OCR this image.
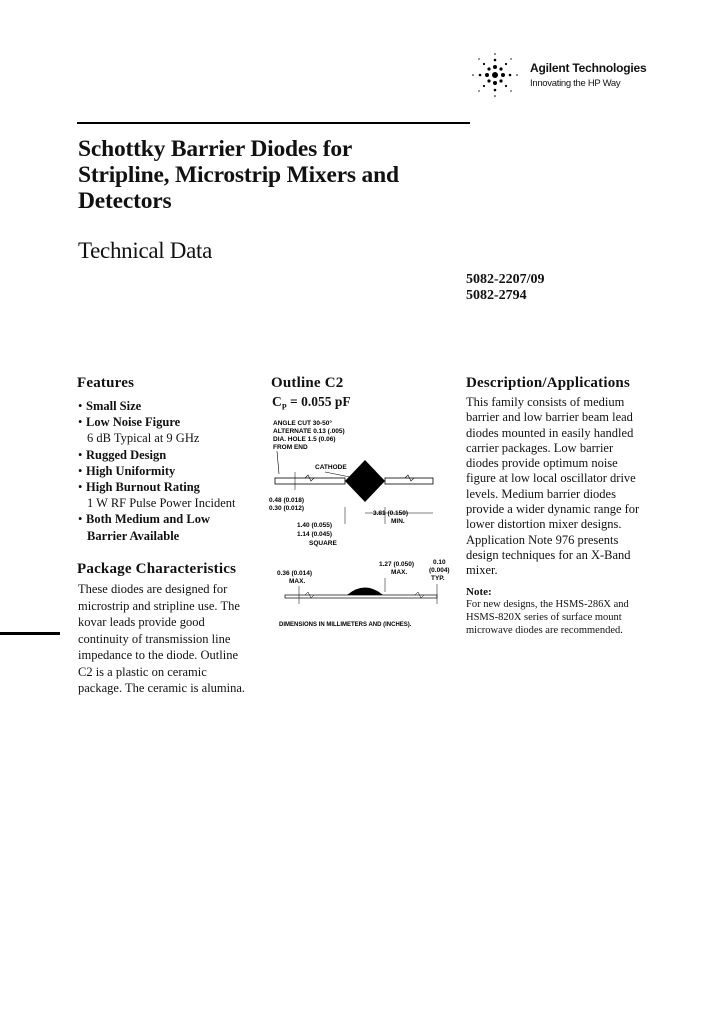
Agilent Technologies
Innovating the HP Way
Schottky Barrier Diodes for
Stripline, Microstrip Mixers and
Detectors
Technical Data
5082-2207/09
5082-2794
Features
• Small Size
• Low Noise Figure
6 dB Typical at 9 GHz
• Rugged Design
• High Uniformity
• High Burnout Rating
1 W RF Pulse Power Incident
• Both Medium and Low
Barrier Available
Package Characteristics
These diodes are designed for
microstrip and stripline use. The
kovar leads provide good
continuity of transmission line
impedance to the diode. Outline
C2 is a plastic on ceramic
package. The ceramic is alumina.
Outline C2
$C_P = 0.055$ pF
ANGLE CUT 30-50°
ALTERNATE 0.13 (.005)
DIA. HOLE 1.5 (0.06)
FROM END
CATHODE
0.48 (0.018)
0.30 (0.012)
3.81 (0.150)
MIN.
1.40 (0.055)
1.14 (0.045)
SQUARE
0.36 (0.014)
MAX.
1.27 (0.050)
MAX.
0.10
(0.004)
TYP.
DIMENSIONS IN MILLIMETERS AND (INCHES).
Description/Applications
This family consists of medium
barrier and low barrier beam lead
diodes mounted in easily handled
carrier packages. Low barrier
diodes provide optimum noise
figure at low local oscillator drive
levels. Medium barrier diodes
provide a wider dynamic range for
lower distortion mixer designs.
Application Note 976 presents
design techniques for an X-Band
mixer.
Note:
For new designs, the HSMS-286X and
HSMS-820X series of surface mount
microwave diodes are recommended.
